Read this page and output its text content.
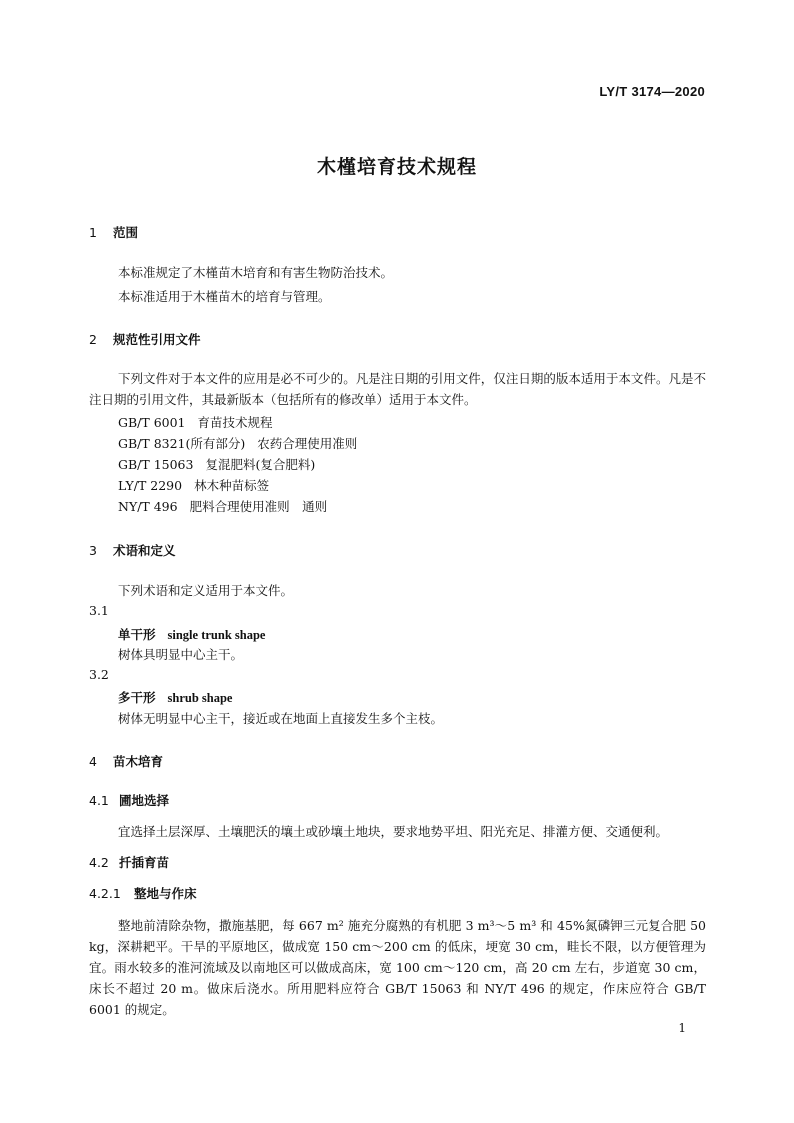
LY/T 3174—2020
木槿培育技术规程
1 范围
本标准规定了木槿苗木培育和有害生物防治技术。
本标准适用于木槿苗木的培育与管理。
2 规范性引用文件
下列文件对于本文件的应用是必不可少的。凡是注日期的引用文件，仅注日期的版本适用于本文件。凡是不注日期的引用文件，其最新版本（包括所有的修改单）适用于本文件。
GB/T 6001 育苗技术规程
GB/T 8321(所有部分) 农药合理使用准则
GB/T 15063 复混肥料(复合肥料)
LY/T 2290 林木种苗标签
NY/T 496 肥料合理使用准则　通则
3 术语和定义
下列术语和定义适用于本文件。
3.1
单干形 single trunk shape
树体具明显中心主干。
3.2
多干形 shrub shape
树体无明显中心主干，接近或在地面上直接发生多个主枝。
4 苗木培育
4.1 圃地选择
宜选择土层深厚、土壤肥沃的壤土或砂壤土地块，要求地势平坦、阳光充足、排灌方便、交通便利。
4.2 扦插育苗
4.2.1 整地与作床
整地前清除杂物，撒施基肥，每 667 m² 施充分腐熟的有机肥 3 m³～5 m³ 和 45%氮磷钾三元复合肥 50 kg，深耕耙平。干旱的平原地区，做成宽 150 cm～200 cm 的低床，埂宽 30 cm，畦长不限，以方便管理为宜。雨水较多的淮河流域及以南地区可以做成高床，宽 100 cm～120 cm，高 20 cm 左右，步道宽 30 cm，床长不超过 20 m。做床后浇水。所用肥料应符合 GB/T 15063 和 NY/T 496 的规定，作床应符合 GB/T 6001 的规定。
1
